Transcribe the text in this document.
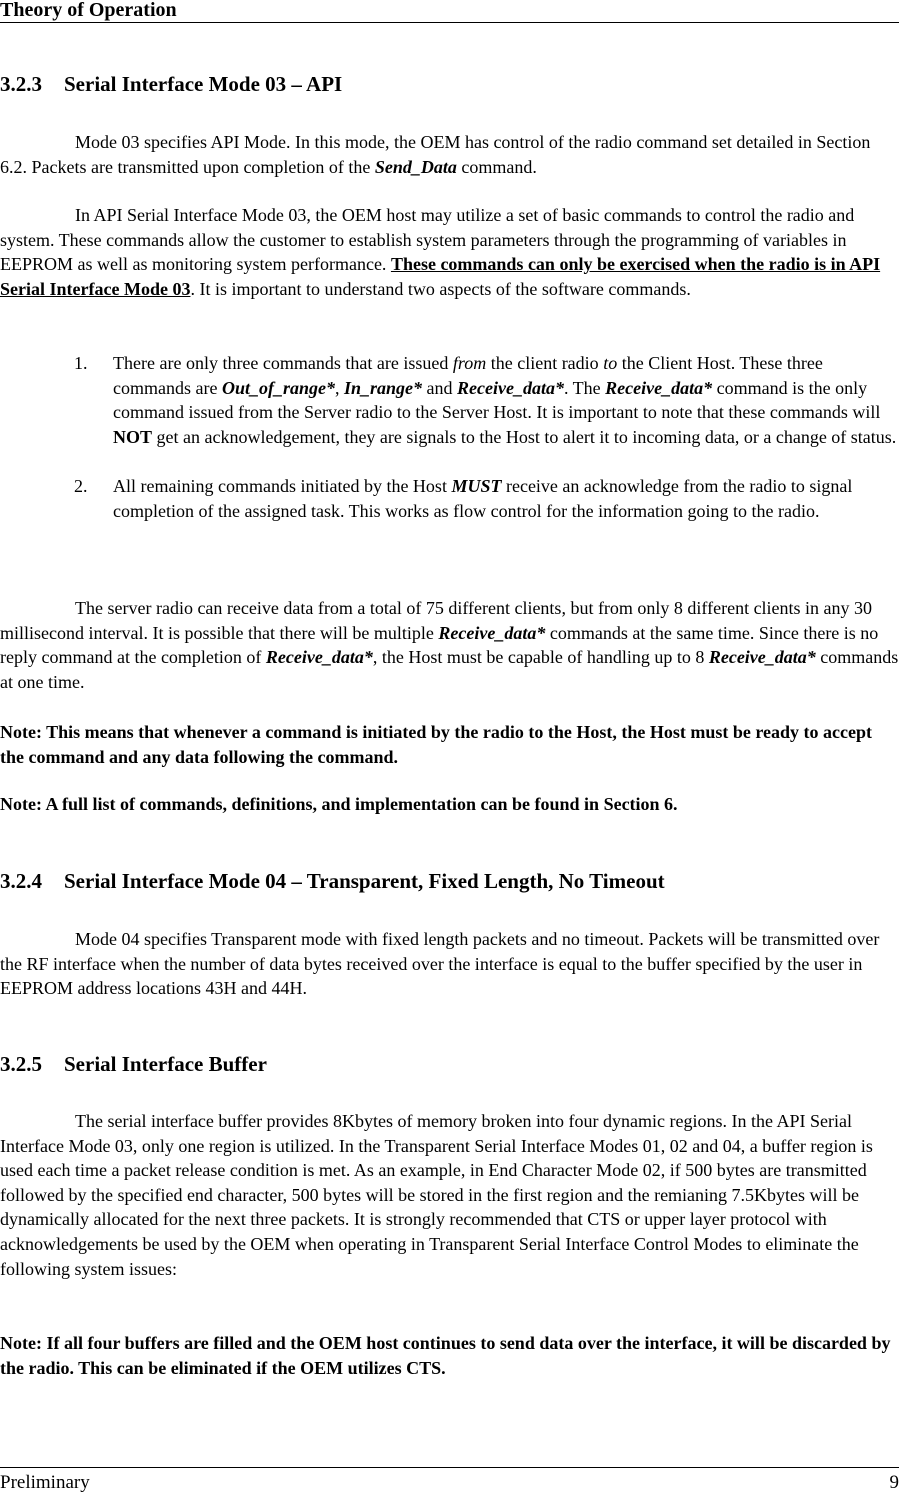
Theory of Operation
3.2.3 Serial Interface Mode 03 – API

Mode 03 specifies API Mode. In this mode, the OEM has control of the radio command set detailed in Section 6.2. Packets are transmitted upon completion of the Send_Data command.

In API Serial Interface Mode 03, the OEM host may utilize a set of basic commands to control the radio and system. These commands allow the customer to establish system parameters through the programming of variables in EEPROM as well as monitoring system performance. These commands can only be exercised when the radio is in API Serial Interface Mode 03. It is important to understand two aspects of the software commands.

1. There are only three commands that are issued from the client radio to the Client Host. These three commands are Out_of_range*, In_range* and Receive_data*. The Receive_data* command is the only command issued from the Server radio to the Server Host. It is important to note that these commands will NOT get an acknowledgement, they are signals to the Host to alert it to incoming data, or a change of status.

2. All remaining commands initiated by the Host MUST receive an acknowledge from the radio to signal completion of the assigned task. This works as flow control for the information going to the radio.

The server radio can receive data from a total of 75 different clients, but from only 8 different clients in any 30 millisecond interval. It is possible that there will be multiple Receive_data* commands at the same time. Since there is no reply command at the completion of Receive_data*, the Host must be capable of handling up to 8 Receive_data* commands at one time.

Note: This means that whenever a command is initiated by the radio to the Host, the Host must be ready to accept the command and any data following the command.

Note: A full list of commands, definitions, and implementation can be found in Section 6.

3.2.4 Serial Interface Mode 04 – Transparent, Fixed Length, No Timeout

Mode 04 specifies Transparent mode with fixed length packets and no timeout. Packets will be transmitted over the RF interface when the number of data bytes received over the interface is equal to the buffer specified by the user in EEPROM address locations 43H and 44H.

3.2.5 Serial Interface Buffer

The serial interface buffer provides 8Kbytes of memory broken into four dynamic regions. In the API Serial Interface Mode 03, only one region is utilized. In the Transparent Serial Interface Modes 01, 02 and 04, a buffer region is used each time a packet release condition is met. As an example, in End Character Mode 02, if 500 bytes are transmitted followed by the specified end character, 500 bytes will be stored in the first region and the remianing 7.5Kbytes will be dynamically allocated for the next three packets. It is strongly recommended that CTS or upper layer protocol with acknowledgements be used by the OEM when operating in Transparent Serial Interface Control Modes to eliminate the following system issues:

Note: If all four buffers are filled and the OEM host continues to send data over the interface, it will be discarded by the radio. This can be eliminated if the OEM utilizes CTS.

Preliminary	9
